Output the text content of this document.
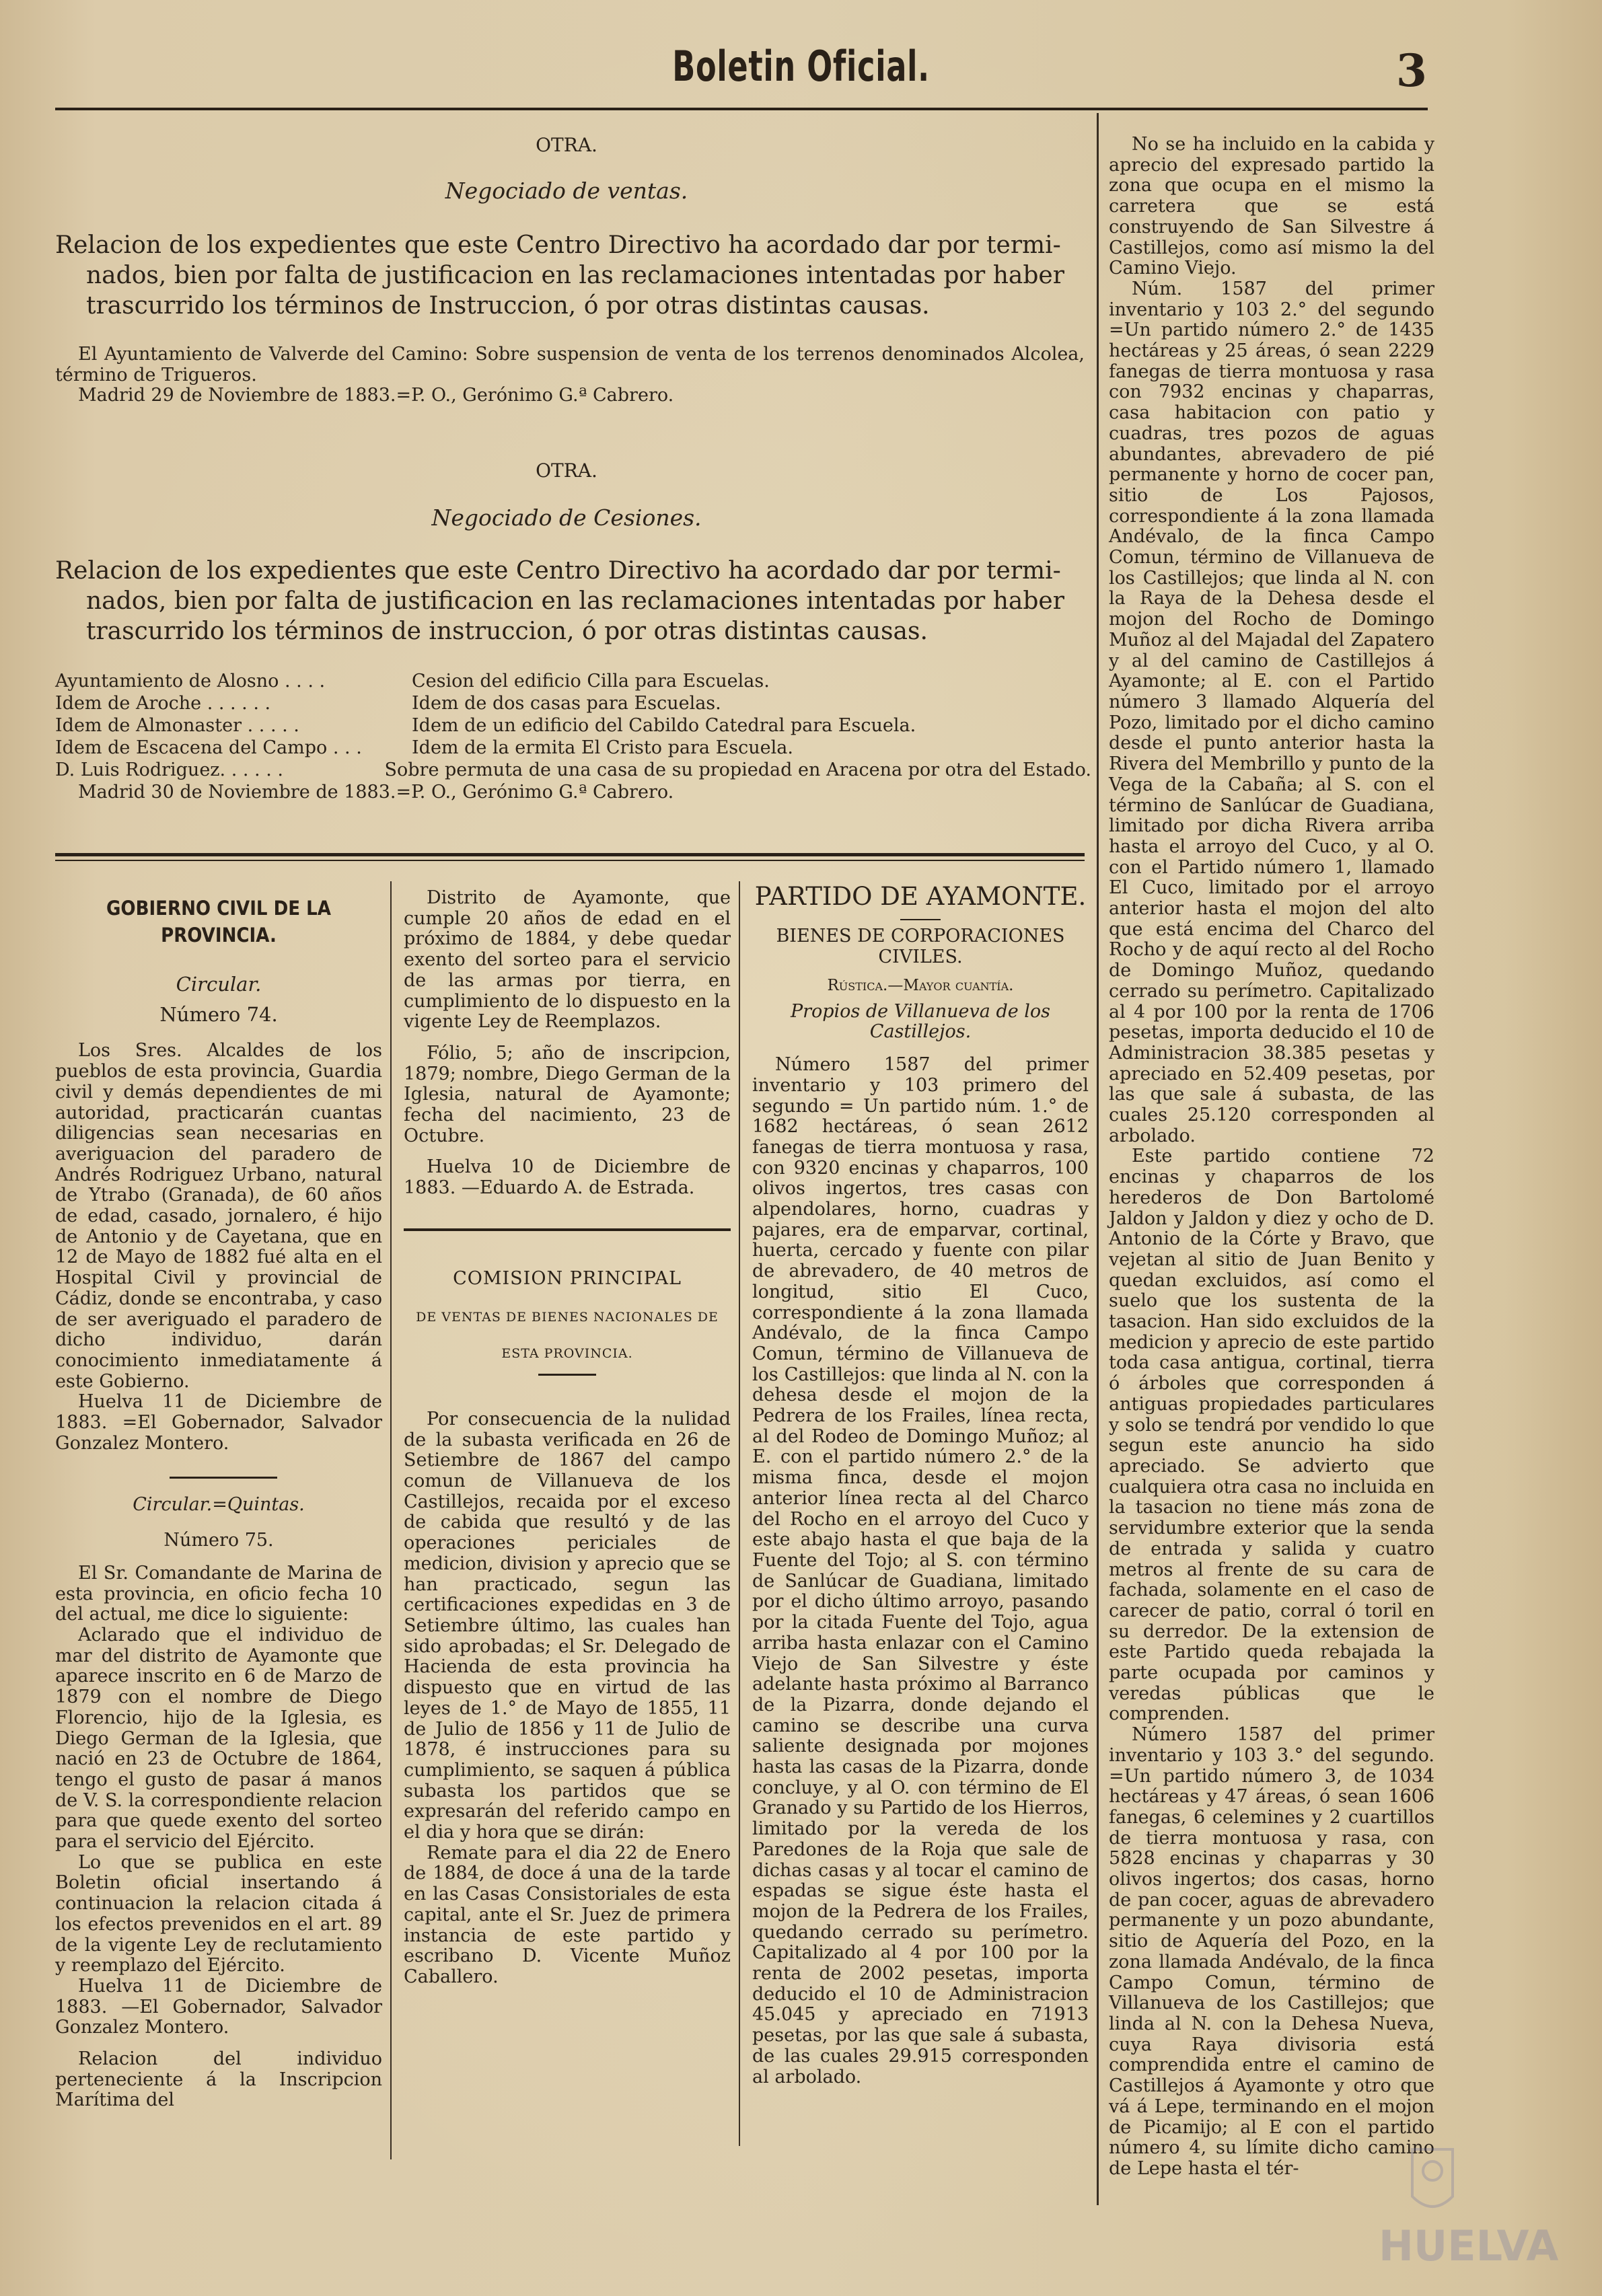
Boletin Oficial.	3
OTRA.
Negociado de ventas.

Relacion de los expedientes que este Centro Directivo ha acordado dar por termi-

nados, bien por falta de justificacion en las reclamaciones intentadas por haber

trascurrido los términos de Instruccion, ó por otras distintas causas.

El Ayuntamiento de Valverde del Camino: Sobre suspension de venta de los terrenos denominados Alcolea, término de Trigueros.

Madrid 29 de Noviembre de 1883.=P. O., Gerónimo G.ª Cabrero.

OTRA.
Negociado de Cesiones.

Relacion de los expedientes que este Centro Directivo ha acordado dar por termi-

nados, bien por falta de justificacion en las reclamaciones intentadas por haber

trascurrido los términos de instruccion, ó por otras distintas causas.

Ayuntamiento de Alosno . . . .	Cesion del edificio Cilla para Escuelas.
Idem de Aroche . . . . . .	Idem de dos casas para Escuelas.
Idem de Almonaster . . . . .	Idem de un edificio del Cabildo Catedral para Escuela.
Idem de Escacena del Campo . . .	Idem de la ermita El Cristo para Escuela.
D. Luis Rodriguez. . . . . .	Sobre permuta de una casa de su propiedad en Aracena por otra del Estado.
Madrid 30 de Noviembre de 1883.=P. O., Gerónimo G.ª Cabrero.
GOBIERNO CIVIL DE LA PROVINCIA.
Circular.
Número 74.

Los Sres. Alcaldes de los pueblos de esta provincia, Guardia civil y demás dependientes de mi autoridad, practicarán cuantas diligencias sean necesarias en averiguacion del paradero de Andrés Rodriguez Urbano, natural de Ytrabo (Granada), de 60 años de edad, casado, jornalero, é hijo de Antonio y de Cayetana, que en 12 de Mayo de 1882 fué alta en el Hospital Civil y provincial de Cádiz, donde se encontraba, y caso de ser averiguado el paradero de dicho individuo, darán conocimiento inmediatamente á este Gobierno.

Huelva 11 de Diciembre de 1883. =El Gobernador, Salvador Gonzalez Montero.

Circular.=Quintas.
Número 75.

El Sr. Comandante de Marina de esta provincia, en oficio fecha 10 del actual, me dice lo siguiente:

Aclarado que el individuo de mar del distrito de Ayamonte que aparece inscrito en 6 de Marzo de 1879 con el nombre de Diego Florencio, hijo de la Iglesia, es Diego German de la Iglesia, que nació en 23 de Octubre de 1864, tengo el gusto de pasar á manos de V. S. la correspondiente relacion para que quede exento del sorteo para el servicio del Ejército.

Lo que se publica en este Boletin oficial insertando á continuacion la relacion citada á los efectos prevenidos en el art. 89 de la vigente Ley de reclutamiento y reemplazo del Ejército.

Huelva 11 de Diciembre de 1883. —El Gobernador, Salvador Gonzalez Montero.

Relacion del individuo perteneciente á la Inscripcion Marítima del

Distrito de Ayamonte, que cumple 20 años de edad en el próximo de 1884, y debe quedar exento del sorteo para el servicio de las armas por tierra, en cumplimiento de lo dispuesto en la vigente Ley de Reemplazos.

Fólio, 5; año de inscripcion, 1879; nombre, Diego German de la Iglesia, natural de Ayamonte; fecha del nacimiento, 23 de Octubre.

Huelva 10 de Diciembre de 1883. —Eduardo A. de Estrada.

COMISION PRINCIPAL
DE VENTAS DE BIENES NACIONALES DE
ESTA PROVINCIA.

Por consecuencia de la nulidad de la subasta verificada en 26 de Setiembre de 1867 del campo comun de Villanueva de los Castillejos, recaida por el exceso de cabida que resultó y de las operaciones periciales de medicion, division y aprecio que se han practicado, segun las certificaciones expedidas en 3 de Setiembre último, las cuales han sido aprobadas; el Sr. Delegado de Hacienda de esta provincia ha dispuesto que en virtud de las leyes de 1.° de Mayo de 1855, 11 de Julio de 1856 y 11 de Julio de 1878, é instrucciones para su cumplimiento, se saquen á pública subasta los partidos que se expresarán del referido campo en el dia y hora que se dirán:

Remate para el dia 22 de Enero de 1884, de doce á una de la tarde en las Casas Consistoriales de esta capital, ante el Sr. Juez de primera instancia de este partido y escribano D. Vicente Muñoz Caballero.

PARTIDO DE AYAMONTE.
BIENES DE CORPORACIONES CIVILES.
Rústica.—Mayor cuantía.
Propios de Villanueva de los Castillejos.

Número 1587 del primer inventario y 103 primero del segundo = Un partido núm. 1.° de 1682 hectáreas, ó sean 2612 fanegas de tierra montuosa y rasa, con 9320 encinas y chaparros, 100 olivos ingertos, tres casas con alpendolares, horno, cuadras y pajares, era de emparvar, cortinal, huerta, cercado y fuente con pilar de abrevadero, de 40 metros de longitud, sitio El Cuco, correspondiente á la zona llamada Andévalo, de la finca Campo Comun, término de Villanueva de los Castillejos: que linda al N. con la dehesa desde el mojon de la Pedrera de los Frailes, línea recta, al del Rodeo de Domingo Muñoz; al E. con el partido número 2.° de la misma finca, desde el mojon anterior línea recta al del Charco del Rocho en el arroyo del Cuco y este abajo hasta el que baja de la Fuente del Tojo; al S. con término de Sanlúcar de Guadiana, limitado por el dicho último arroyo, pasando por la citada Fuente del Tojo, agua arriba hasta enlazar con el Camino Viejo de San Silvestre y éste adelante hasta próximo al Barranco de la Pizarra, donde dejando el camino se describe una curva saliente designada por mojones hasta las casas de la Pizarra, donde concluye, y al O. con término de El Granado y su Partido de los Hierros, limitado por la vereda de los Paredones de la Roja que sale de dichas casas y al tocar el camino de espadas se sigue éste hasta el mojon de la Pedrera de los Frailes, quedando cerrado su perímetro. Capitalizado al 4 por 100 por la renta de 2002 pesetas, importa deducido el 10 de Administracion 45.045 y apreciado en 71913 pesetas, por las que sale á subasta, de las cuales 29.915 corresponden al arbolado.

No se ha incluido en la cabida y aprecio del expresado partido la zona que ocupa en el mismo la carretera que se está construyendo de San Silvestre á Castillejos, como así mismo la del Camino Viejo.

Núm. 1587 del primer inventario y 103 2.° del segundo =Un partido número 2.° de 1435 hectáreas y 25 áreas, ó sean 2229 fanegas de tierra montuosa y rasa con 7932 encinas y chaparras, casa habitacion con patio y cuadras, tres pozos de aguas abundantes, abrevadero de pié permanente y horno de cocer pan, sitio de Los Pajosos, correspondiente á la zona llamada Andévalo, de la finca Campo Comun, término de Villanueva de los Castillejos; que linda al N. con la Raya de la Dehesa desde el mojon del Rocho de Domingo Muñoz al del Majadal del Zapatero y al del camino de Castillejos á Ayamonte; al E. con el Partido número 3 llamado Alquería del Pozo, limitado por el dicho camino desde el punto anterior hasta la Rivera del Membrillo y punto de la Vega de la Cabaña; al S. con el término de Sanlúcar de Guadiana, limitado por dicha Rivera arriba hasta el arroyo del Cuco, y al O. con el Partido número 1, llamado El Cuco, limitado por el arroyo anterior hasta el mojon del alto que está encima del Charco del Rocho y de aquí recto al del Rocho de Domingo Muñoz, quedando cerrado su perímetro. Capitalizado al 4 por 100 por la renta de 1706 pesetas, importa deducido el 10 de Administracion 38.385 pesetas y apreciado en 52.409 pesetas, por las que sale á subasta, de las cuales 25.120 corresponden al arbolado.

Este partido contiene 72 encinas y chaparros de los herederos de Don Bartolomé Jaldon y Jaldon y diez y ocho de D. Antonio de la Córte y Bravo, que vejetan al sitio de Juan Benito y quedan excluidos, así como el suelo que los sustenta de la tasacion. Han sido excluidos de la medicion y aprecio de este partido toda casa antigua, cortinal, tierra ó árboles que corresponden á antiguas propiedades particulares y solo se tendrá por vendido lo que segun este anuncio ha sido apreciado. Se advierto que cualquiera otra casa no incluida en la tasacion no tiene más zona de servidumbre exterior que la senda de entrada y salida y cuatro metros al frente de su cara de fachada, solamente en el caso de carecer de patio, corral ó toril en su derredor. De la extension de este Partido queda rebajada la parte ocupada por caminos y veredas públicas que le comprenden.

Número 1587 del primer inventario y 103 3.° del segundo. =Un partido número 3, de 1034 hectáreas y 47 áreas, ó sean 1606 fanegas, 6 celemines y 2 cuartillos de tierra montuosa y rasa, con 5828 encinas y chaparras y 30 olivos ingertos; dos casas, horno de pan cocer, aguas de abrevadero permanente y un pozo abundante, sitio de Aquería del Pozo, en la zona llamada Andévalo, de la finca Campo Comun, término de Villanueva de los Castillejos; que linda al N. con la Dehesa Nueva, cuya Raya divisoria está comprendida entre el camino de Castillejos á Ayamonte y otro que vá á Lepe, terminando en el mojon de Picamijo; al E con el partido número 4, su límite dicho camino de Lepe hasta el tér-

HUELVA
